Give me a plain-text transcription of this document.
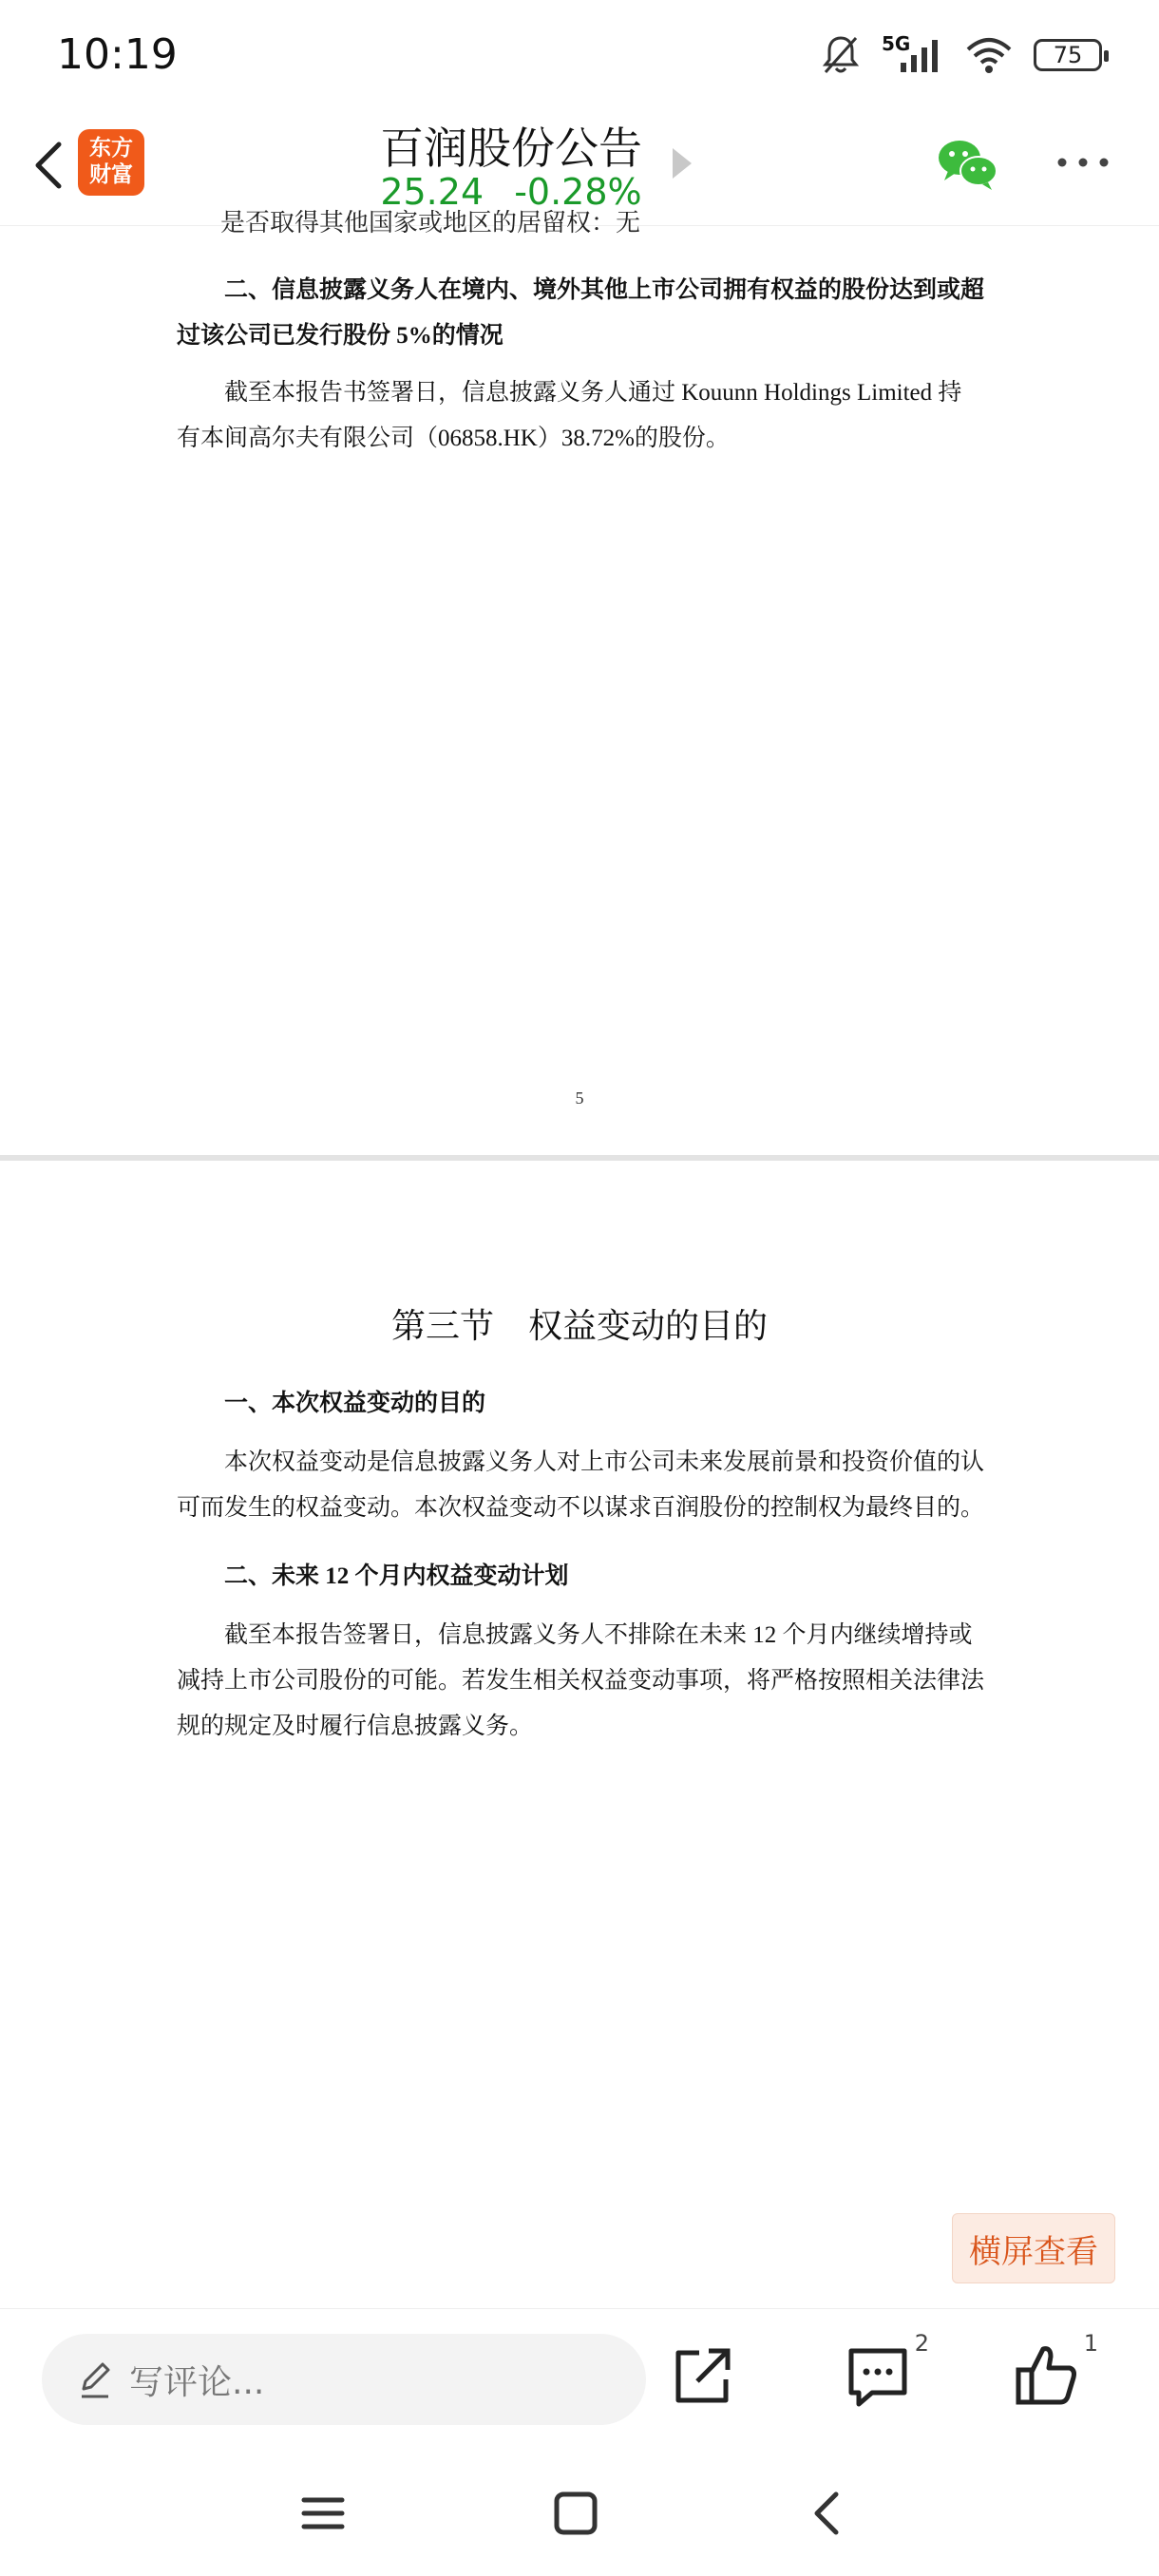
10:19	5G	75
东方
财富
百润股份公告
25.24 -0.28%
是否取得其他国家或地区的居留权：无
二、信息披露义务人在境内、境外其他上市公司拥有权益的股份达到或超过该公司已发行股份 5%的情况
截至本报告书签署日，信息披露义务人通过 Kouunn Holdings Limited 持有本间高尔夫有限公司（06858.HK）38.72%的股份。
5
第三节　权益变动的目的
一、本次权益变动的目的
本次权益变动是信息披露义务人对上市公司未来发展前景和投资价值的认可而发生的权益变动。本次权益变动不以谋求百润股份的控制权为最终目的。
二、未来 12 个月内权益变动计划
截至本报告签署日，信息披露义务人不排除在未来 12 个月内继续增持或减持上市公司股份的可能。若发生相关权益变动事项，将严格按照相关法律法规的规定及时履行信息披露义务。
横屏查看
写评论...
2	1
